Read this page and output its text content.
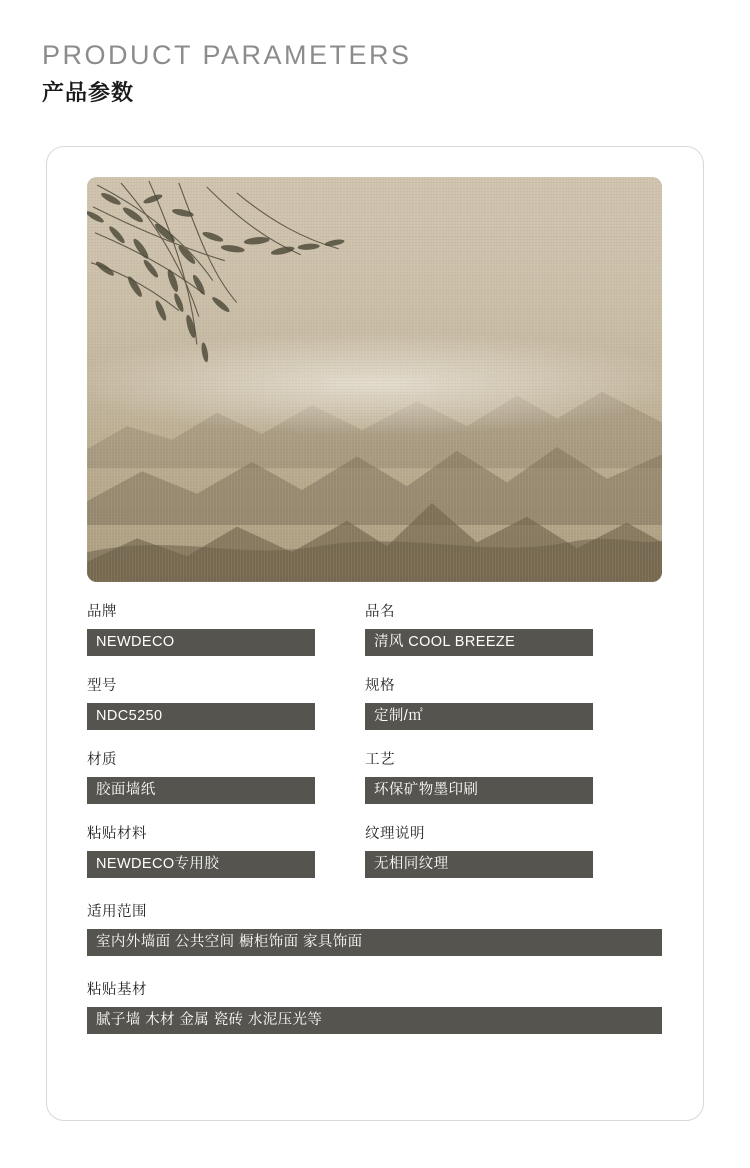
PRODUCT PARAMETERS
产品参数
品牌
NEWDECO
品名
清风 COOL BREEZE
型号
NDC5250
规格
定制/㎡
材质
胶面墙纸
工艺
环保矿物墨印刷
粘贴材料
NEWDECO专用胶
纹理说明
无相同纹理
适用范围
室内外墙面 公共空间 橱柜饰面 家具饰面
粘贴基材
腻子墙 木材 金属 瓷砖 水泥压光等
